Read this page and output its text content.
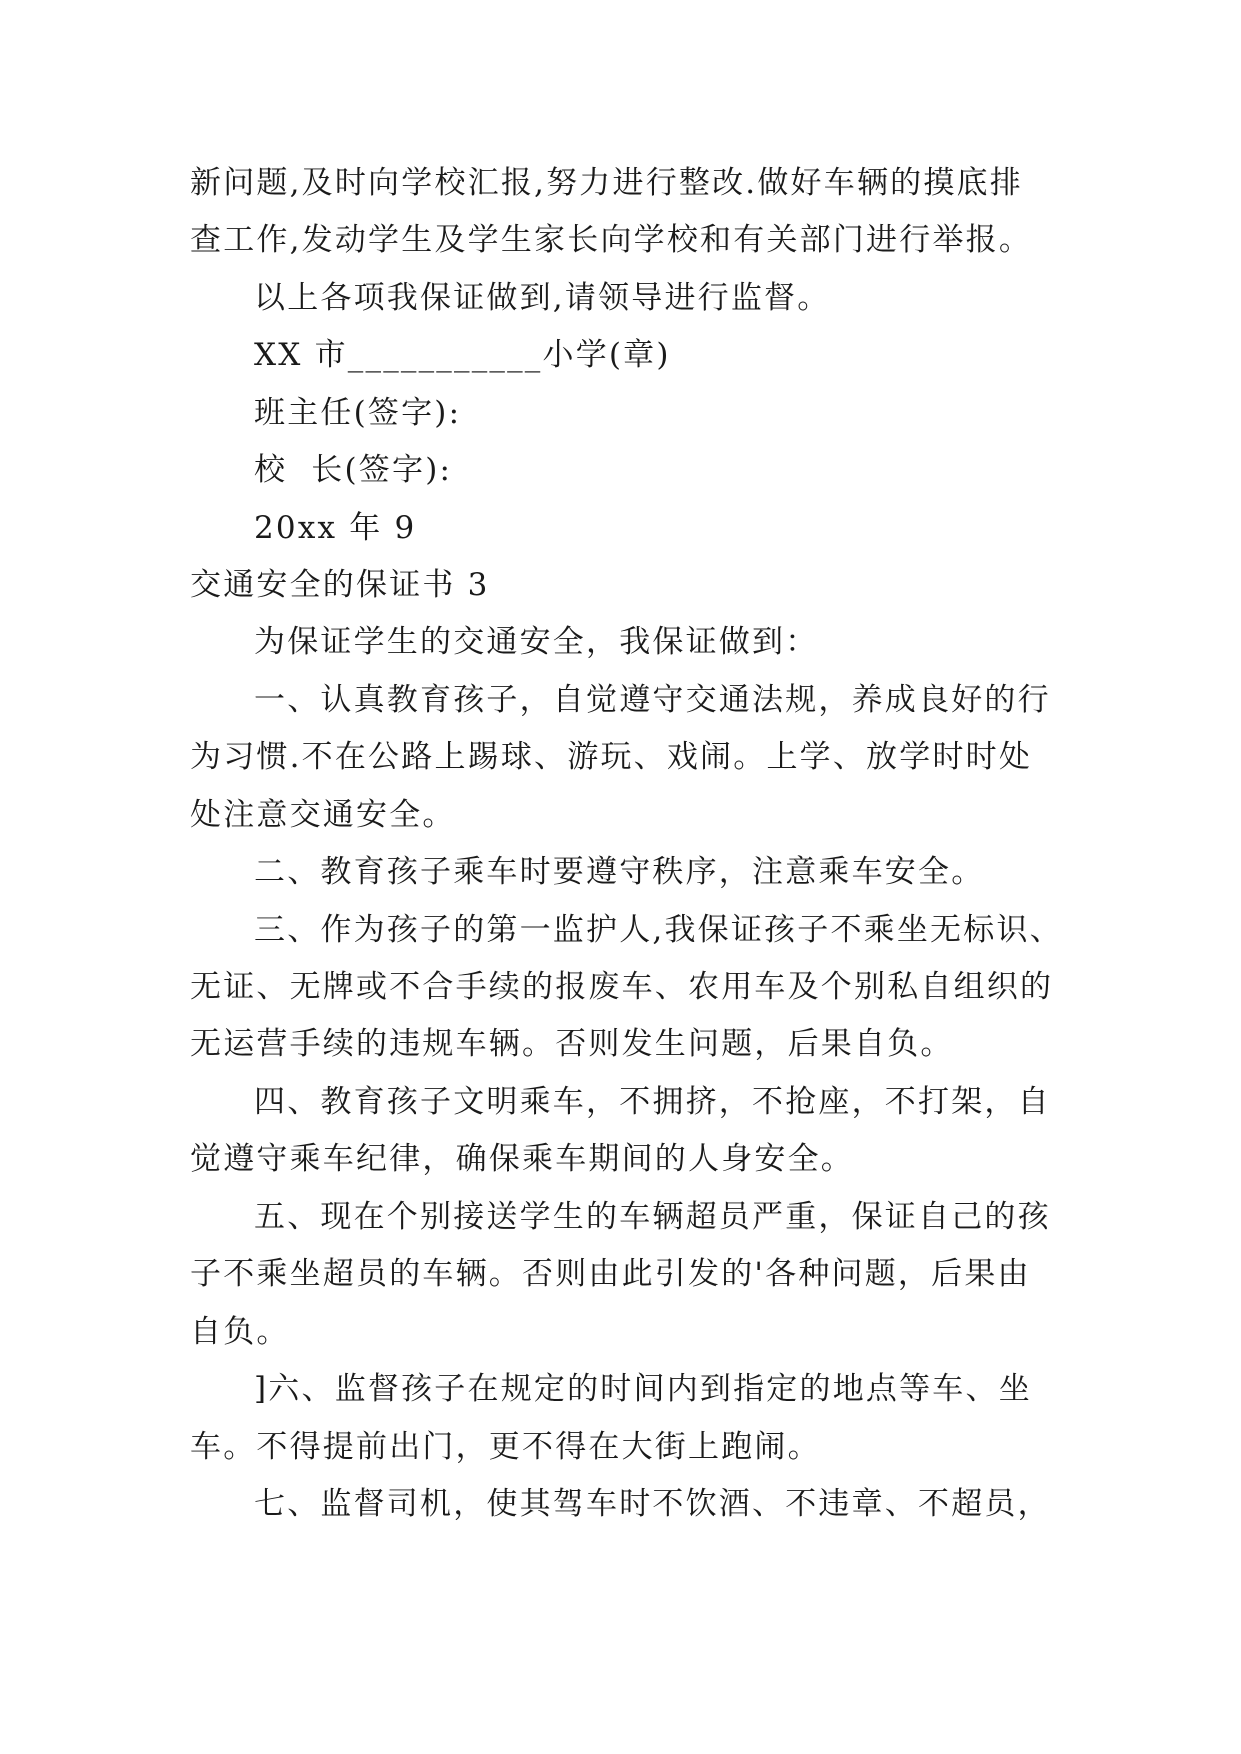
新问题,及时向学校汇报,努力进行整改.做好车辆的摸底排
查工作,发动学生及学生家长向学校和有关部门进行举报。
以上各项我保证做到,请领导进行监督。
XX 市___________小学(章)
班主任(签字):
校  长(签字):
20xx 年 9
交通安全的保证书 3
为保证学生的交通安全，我保证做到：
一、认真教育孩子，自觉遵守交通法规，养成良好的行
为习惯.不在公路上踢球、游玩、戏闹。上学、放学时时处
处注意交通安全。
二、教育孩子乘车时要遵守秩序，注意乘车安全。
三、作为孩子的第一监护人,我保证孩子不乘坐无标识、
无证、无牌或不合手续的报废车、农用车及个别私自组织的
无运营手续的违规车辆。否则发生问题，后果自负。
四、教育孩子文明乘车，不拥挤，不抢座，不打架，自
觉遵守乘车纪律，确保乘车期间的人身安全。
五、现在个别接送学生的车辆超员严重，保证自己的孩
子不乘坐超员的车辆。否则由此引发的'各种问题，后果由
自负。
]六、监督孩子在规定的时间内到指定的地点等车、坐
车。不得提前出门，更不得在大街上跑闹。
七、监督司机，使其驾车时不饮酒、不违章、不超员，
